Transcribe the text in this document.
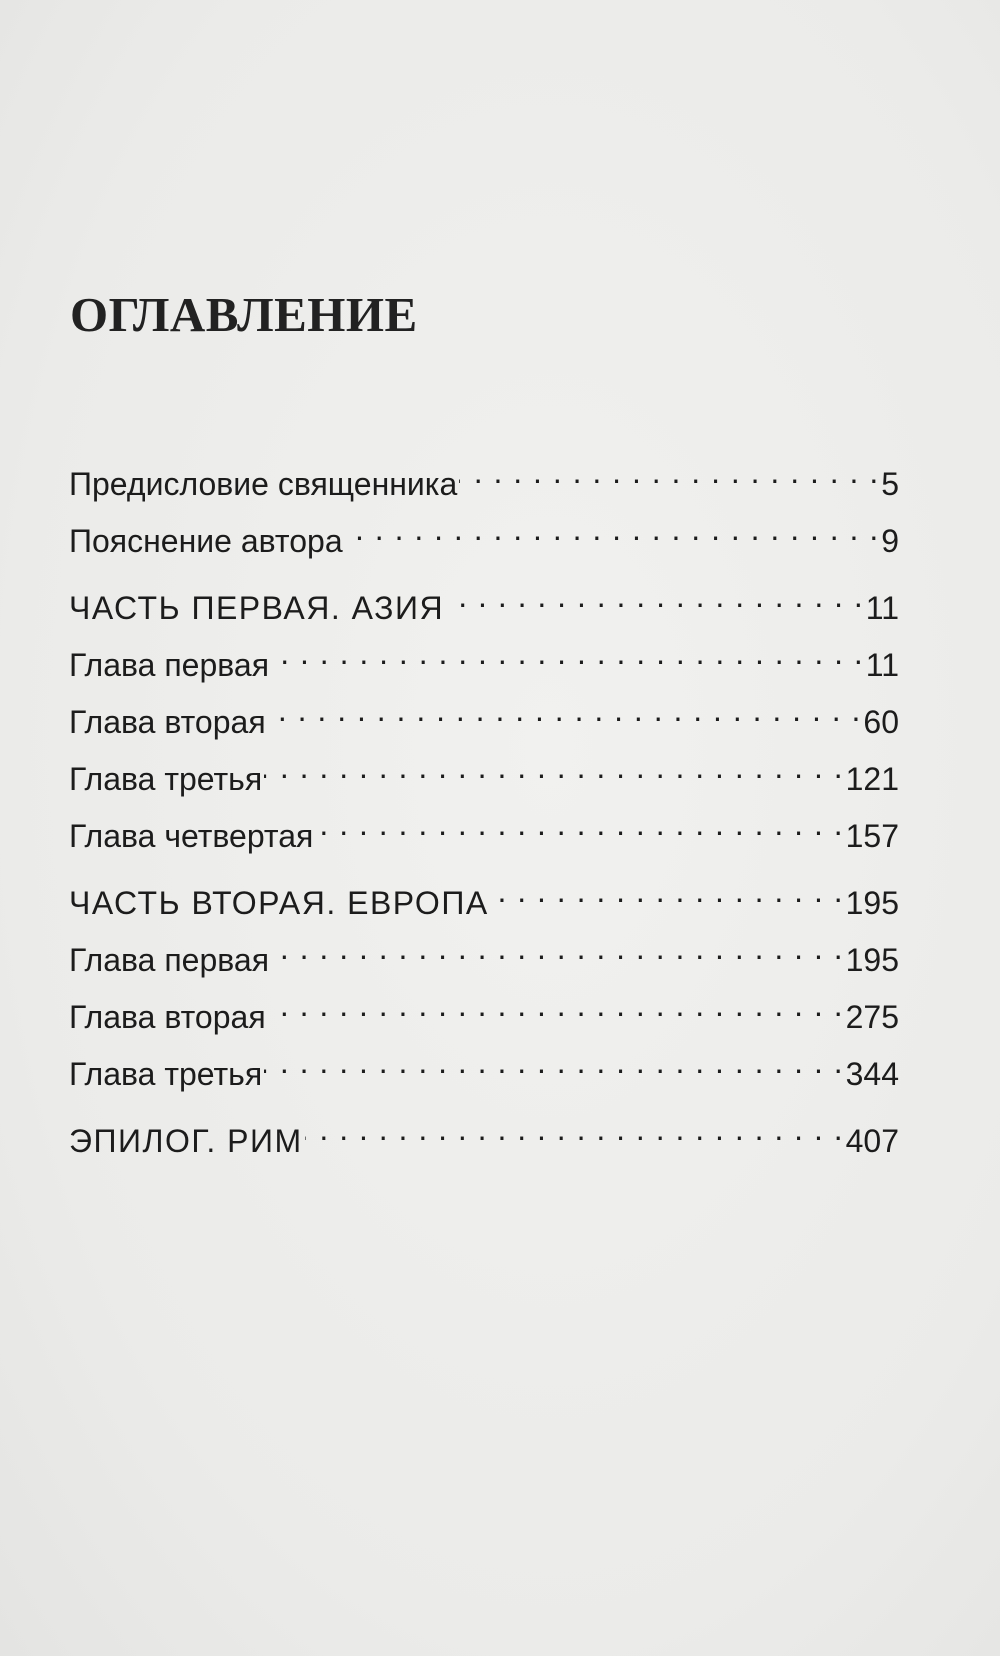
ОГЛАВЛЕНИЕ
Предисловие священника . . .	5
Пояснение автора . . .	9
ЧАСТЬ ПЕРВАЯ. АЗИЯ . . .	11
Глава первая . . .	11
Глава вторая . . .	60
Глава третья . . .	121
Глава четвертая . . .	157
ЧАСТЬ ВТОРАЯ. ЕВРОПА . . .	195
Глава первая . . .	195
Глава вторая . . .	275
Глава третья . . .	344
ЭПИЛОГ. РИМ . . .	407
